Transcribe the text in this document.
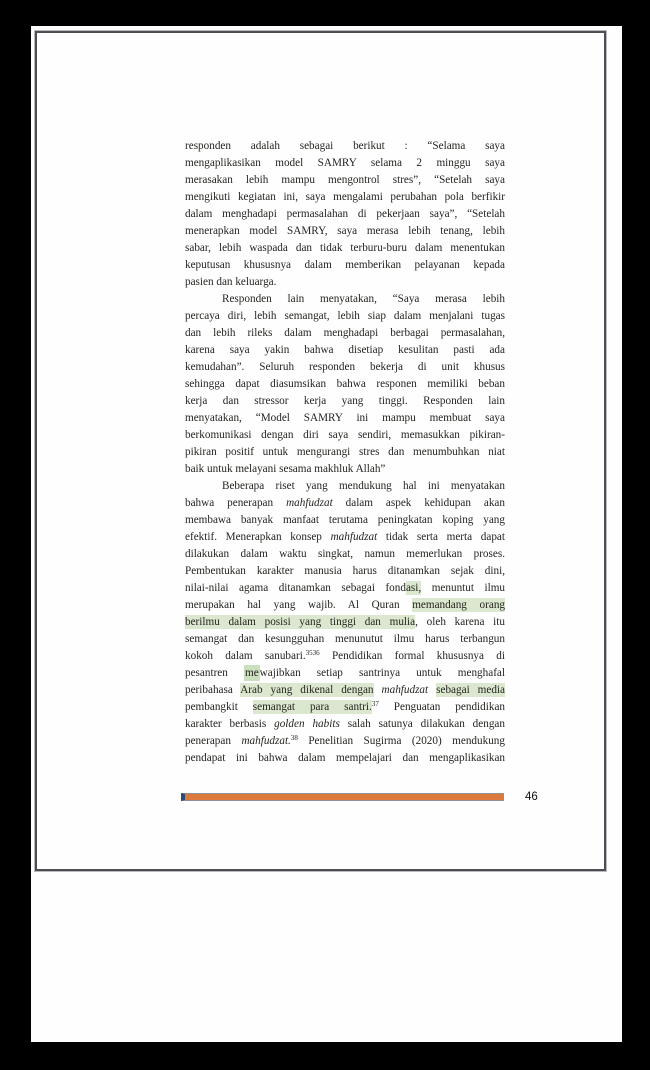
responden adalah sebagai berikut : “Selama saya
mengaplikasikan model SAMRY selama 2 minggu saya
merasakan lebih mampu mengontrol stres”, “Setelah saya
mengikuti kegiatan ini, saya mengalami perubahan pola berfikir
dalam menghadapi permasalahan di pekerjaan saya”, “Setelah
menerapkan model SAMRY, saya merasa lebih tenang, lebih
sabar, lebih waspada dan tidak terburu-buru dalam menentukan
keputusan khususnya dalam memberikan pelayanan kepada
pasien dan keluarga.
Responden lain menyatakan, “Saya merasa lebih
percaya diri, lebih semangat, lebih siap dalam menjalani tugas
dan lebih rileks dalam menghadapi berbagai permasalahan,
karena saya yakin bahwa disetiap kesulitan pasti ada
kemudahan”. Seluruh responden bekerja di unit khusus
sehingga dapat diasumsikan bahwa responen memiliki beban
kerja dan stressor kerja yang tinggi. Responden lain
menyatakan, “Model SAMRY ini mampu membuat saya
berkomunikasi dengan diri saya sendiri, memasukkan pikiran-
pikiran positif untuk mengurangi stres dan menumbuhkan niat
baik untuk melayani sesama makhluk Allah”
Beberapa riset yang mendukung hal ini menyatakan
bahwa penerapan mahfudzat dalam aspek kehidupan akan
membawa banyak manfaat terutama peningkatan koping yang
efektif. Menerapkan konsep mahfudzat tidak serta merta dapat
dilakukan dalam waktu singkat, namun memerlukan proses.
Pembentukan karakter manusia harus ditanamkan sejak dini,
nilai-nilai agama ditanamkan sebagai fondasi, menuntut ilmu
merupakan hal yang wajib. Al Quran memandang orang
berilmu dalam posisi yang tinggi dan mulia, oleh karena itu
semangat dan kesungguhan menunutut ilmu harus terbangun
kokoh dalam sanubari.$^{3536}$ Pendidikan formal khususnya di
pesantren mewajibkan setiap santrinya untuk menghafal
peribahasa Arab yang dikenal dengan mahfudzat sebagai media
pembangkit semangat para santri.$^{37}$ Penguatan pendidikan
karakter berbasis golden habits salah satunya dilakukan dengan
penerapan mahfudzat.$^{38}$ Penelitian Sugirma (2020) mendukung
pendapat ini bahwa dalam mempelajari dan mengaplikasikan
46
